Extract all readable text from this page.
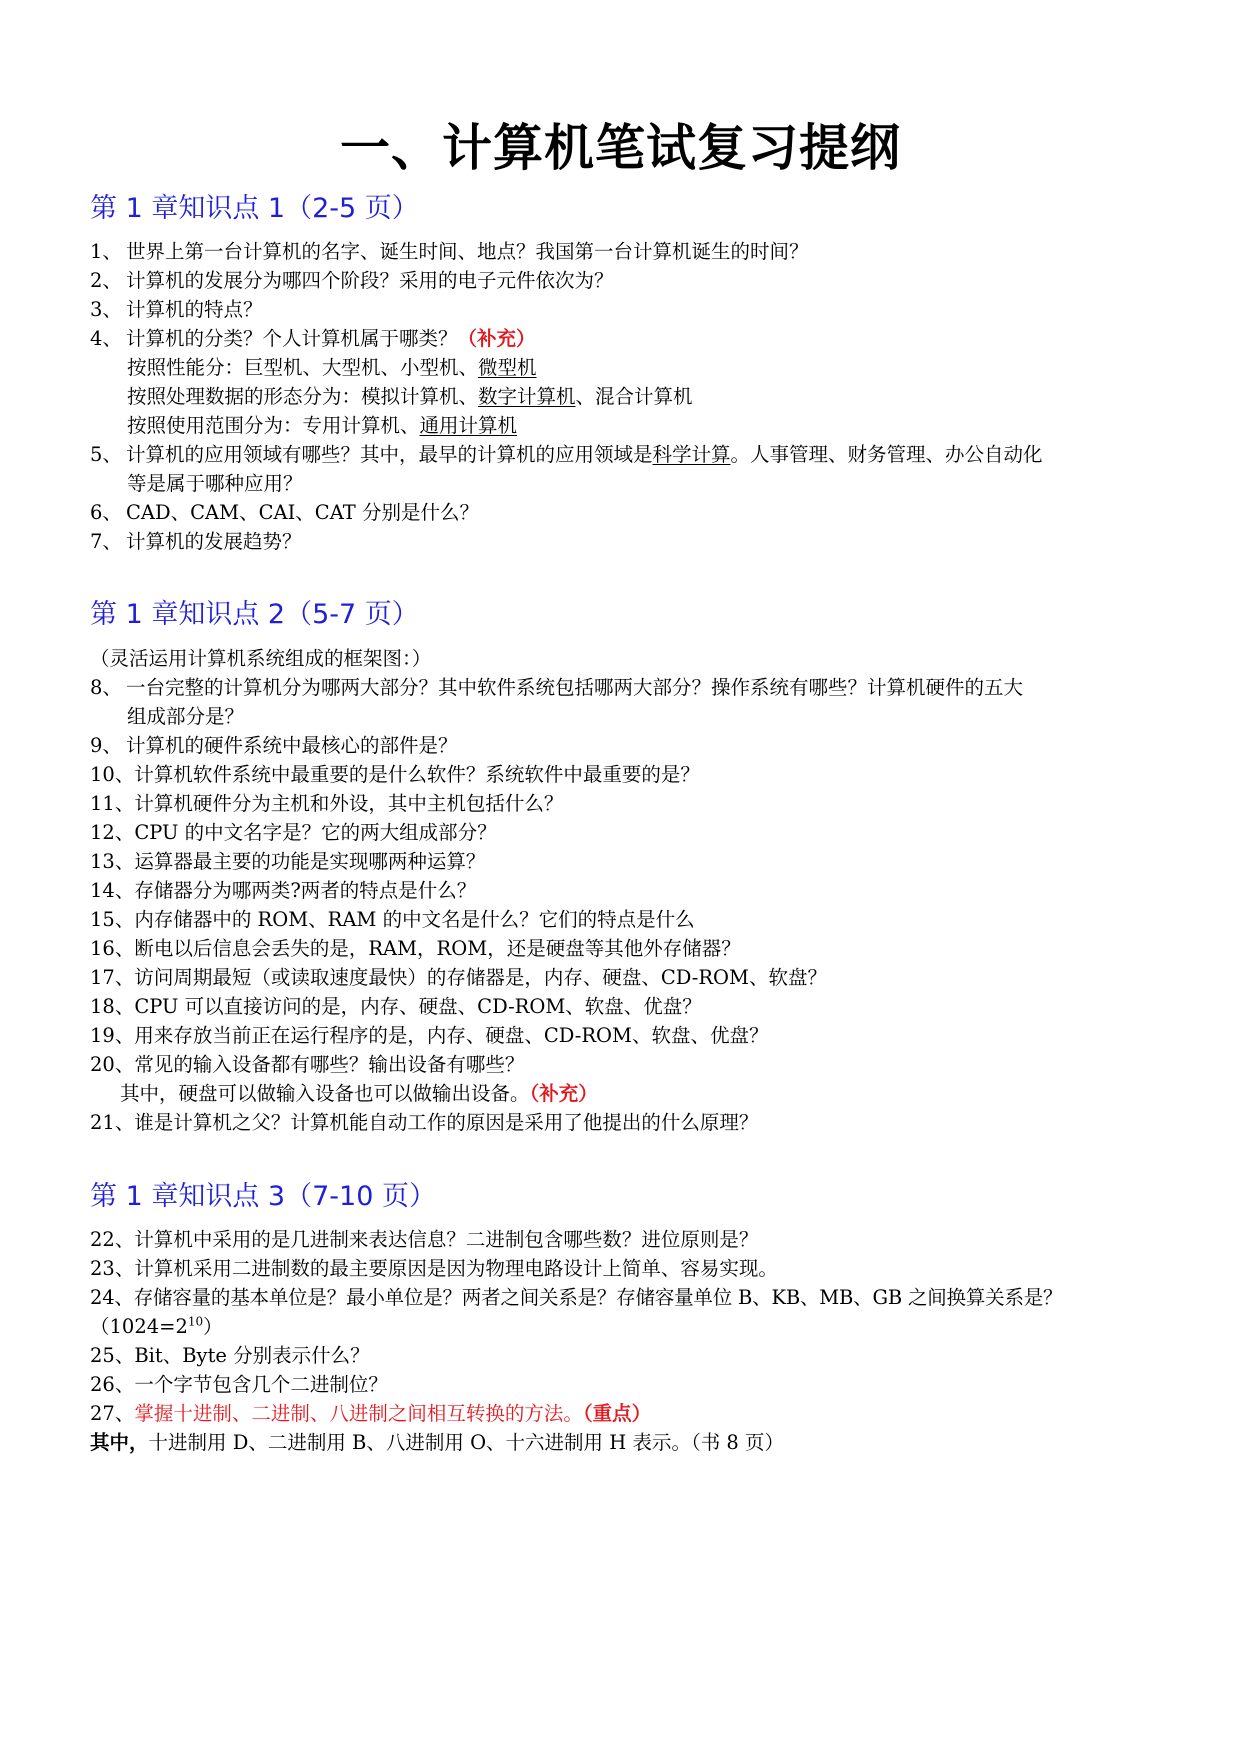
一、计算机笔试复习提纲
第 1 章知识点 1（2-5 页）
1、 世界上第一台计算机的名字、诞生时间、地点？我国第一台计算机诞生的时间？
2、 计算机的发展分为哪四个阶段？采用的电子元件依次为？
3、 计算机的特点？
4、 计算机的分类？个人计算机属于哪类？（补充）
按照性能分：巨型机、大型机、小型机、微型机
按照处理数据的形态分为：模拟计算机、数字计算机、混合计算机
按照使用范围分为：专用计算机、通用计算机
5、 计算机的应用领域有哪些？其中，最早的计算机的应用领域是科学计算。人事管理、财务管理、办公自动化
等是属于哪种应用？
6、 CAD、CAM、CAI、CAT 分别是什么？
7、 计算机的发展趋势？
第 1 章知识点 2（5-7 页）
（灵活运用计算机系统组成的框架图：）
8、 一台完整的计算机分为哪两大部分？其中软件系统包括哪两大部分？操作系统有哪些？计算机硬件的五大
组成部分是？
9、 计算机的硬件系统中最核心的部件是？
10、计算机软件系统中最重要的是什么软件？系统软件中最重要的是？
11、计算机硬件分为主机和外设，其中主机包括什么？
12、CPU 的中文名字是？它的两大组成部分？
13、运算器最主要的功能是实现哪两种运算？
14、存储器分为哪两类?两者的特点是什么？
15、内存储器中的 ROM、RAM 的中文名是什么？它们的特点是什么
16、断电以后信息会丢失的是，RAM，ROM，还是硬盘等其他外存储器？
17、访问周期最短（或读取速度最快）的存储器是，内存、硬盘、CD-ROM、软盘？
18、CPU 可以直接访问的是，内存、硬盘、CD-ROM、软盘、优盘？
19、用来存放当前正在运行程序的是，内存、硬盘、CD-ROM、软盘、优盘？
20、常见的输入设备都有哪些？输出设备有哪些？
其中，硬盘可以做输入设备也可以做输出设备。（补充）
21、谁是计算机之父？计算机能自动工作的原因是采用了他提出的什么原理？
第 1 章知识点 3（7-10 页）
22、计算机中采用的是几进制来表达信息？二进制包含哪些数？进位原则是？
23、计算机采用二进制数的最主要原因是因为物理电路设计上简单、容易实现。
24、存储容量的基本单位是？最小单位是？两者之间关系是？存储容量单位 B、KB、MB、GB 之间换算关系是？
$(1024=2^{10})$
25、Bit、Byte 分别表示什么？
26、一个字节包含几个二进制位？
27、掌握十进制、二进制、八进制之间相互转换的方法。（重点）
其中，十进制用 D、二进制用 B、八进制用 O、十六进制用 H 表示。（书 8 页）
